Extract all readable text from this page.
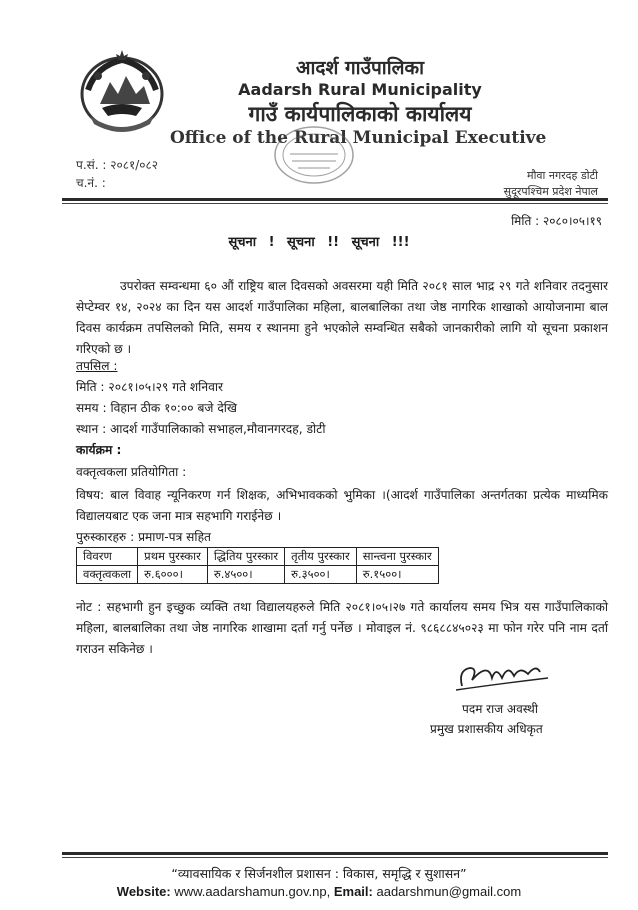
आदर्श गाउँपालिका
Aadarsh Rural Municipality
गाउँ कार्यपालिकाको कार्यालय
Office of the Rural Municipal Executive
प.सं. : २०८१/०८२
च.नं. :
मौवा नगरदह डोटी
सुदूरपश्चिम प्रदेश नेपाल
मिति : २०८०।०५।१९
सूचना ! सूचना !! सूचना !!!
उपरोक्त सम्वन्धमा ६० औं राष्ट्रिय बाल दिवसको अवसरमा यही मिति २०८१ साल भाद्र २९ गते शनिवार तदनुसार सेप्टेम्वर १४, २०२४ का दिन यस आदर्श गाउँपालिका महिला, बालबालिका तथा जेष्ठ नागरिक शाखाको आयोजनामा बाल दिवस कार्यक्रम तपसिलको मिति, समय र स्थानमा हुने भएकोले सम्वन्धित सबैको जानकारीको लागि यो सूचना प्रकाशन गरिएको छ ।
तपसिल :
मिति : २०८१।०५।२९ गते शनिवार
समय : विहान ठीक १०:०० बजे देखि
स्थान : आदर्श गाउँपालिकाको सभाहल,मौवानगरदह, डोटी
कार्यक्रम :
वक्तृत्वकला प्रतियोगिता :
विषय: बाल विवाह न्यूनिकरण गर्न शिक्षक, अभिभावकको भुमिका ।(आदर्श गाउँपालिका अन्तर्गतका प्रत्येक माध्यमिक विद्यालयबाट एक जना मात्र सहभागि गराईनेछ ।
पुरुस्कारहरु : प्रमाण-पत्र सहित
विवरण	प्रथम पुरस्कार	द्धितिय पुरस्कार	तृतीय पुरस्कार	सान्त्वना पुरस्कार
वक्तृत्वकला	रु.६०००।	रु.४५००।	रु.३५००।	रु.१५००।
नोट : सहभागी हुन इच्छुक व्यक्ति तथा विद्यालयहरुले मिति २०८१।०५।२७ गते कार्यालय समय भित्र यस गाउँपालिकाको महिला, बालबालिका तथा जेष्ठ नागरिक शाखामा दर्ता गर्नु पर्नेछ । मोवाइल नं. ९८६८८४५०२३ मा फोन गरेर पनि नाम दर्ता गराउन सकिनेछ ।
पदम राज अवस्थी
प्रमुख प्रशासकीय अधिकृत
“व्यावसायिक र सिर्जनशील प्रशासन : विकास, समृद्धि र सुशासन”
Website: www.aadarshamun.gov.np, Email: aadarshmun@gmail.com
